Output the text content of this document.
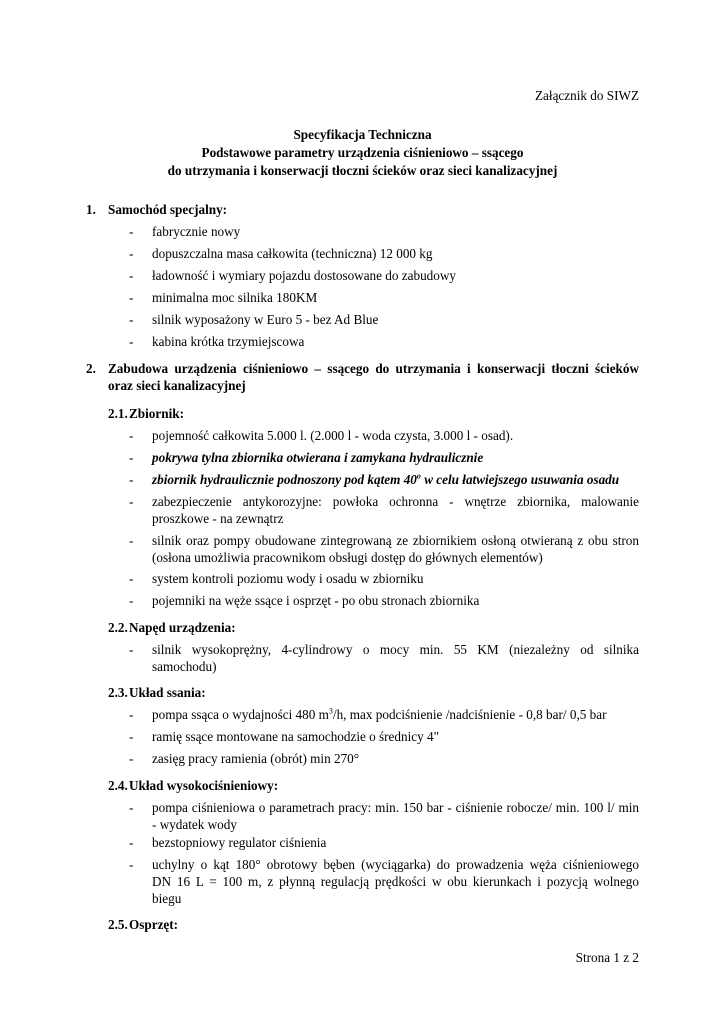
Załącznik do SIWZ
Specyfikacja Techniczna
Podstawowe parametry urządzenia ciśnieniowo – ssącego
do utrzymania i konserwacji tłoczni ścieków oraz sieci kanalizacyjnej
1. Samochód specjalny:
-	fabrycznie nowy
-	dopuszczalna masa całkowita (techniczna) 12 000 kg
-	ładowność i wymiary pojazdu dostosowane do zabudowy
-	minimalna moc silnika 180KM
-	silnik wyposażony w Euro 5 - bez Ad Blue
-	kabina krótka trzymiejscowa
2. Zabudowa urządzenia ciśnieniowo – ssącego do utrzymania i konserwacji tłoczni ścieków
oraz sieci kanalizacyjnej
2.1. Zbiornik:
-	pojemność całkowita 5.000 l. (2.000 l - woda czysta, 3.000 l - osad).
-	pokrywa tylna zbiornika otwierana i zamykana hydraulicznie
-	zbiornik hydraulicznie podnoszony pod kątem 40$^o$ w celu łatwiejszego usuwania osadu
-	zabezpieczenie antykorozyjne: powłoka ochronna - wnętrze zbiornika, malowanie
proszkowe - na zewnątrz
-	silnik oraz pompy obudowane zintegrowaną ze zbiornikiem osłoną otwieraną z obu stron
(osłona umożliwia pracownikom obsługi dostęp do głównych elementów)
-	system kontroli poziomu wody i osadu w zbiorniku
-	pojemniki na węże ssące i osprzęt - po obu stronach zbiornika
2.2. Napęd urządzenia:
-	silnik wysokoprężny, 4-cylindrowy o mocy min. 55 KM (niezależny od silnika
samochodu)
2.3. Układ ssania:
-	pompa ssąca o wydajności 480 $m^3/h$, max podciśnienie /nadciśnienie - 0,8 bar/ 0,5 bar
-	ramię ssące montowane na samochodzie o średnicy 4"
-	zasięg pracy ramienia (obrót) min 270°
2.4. Układ wysokociśnieniowy:
-	pompa ciśnieniowa o parametrach pracy: min. 150 bar - ciśnienie robocze/ min. 100 l/ min
- wydatek wody
-	bezstopniowy regulator ciśnienia
-	uchylny o kąt 180° obrotowy bęben (wyciągarka) do prowadzenia węża ciśnieniowego
DN 16 L = 100 m, z płynną regulacją prędkości w obu kierunkach i pozycją wolnego
biegu
2.5. Osprzęt:
Strona 1 z 2
